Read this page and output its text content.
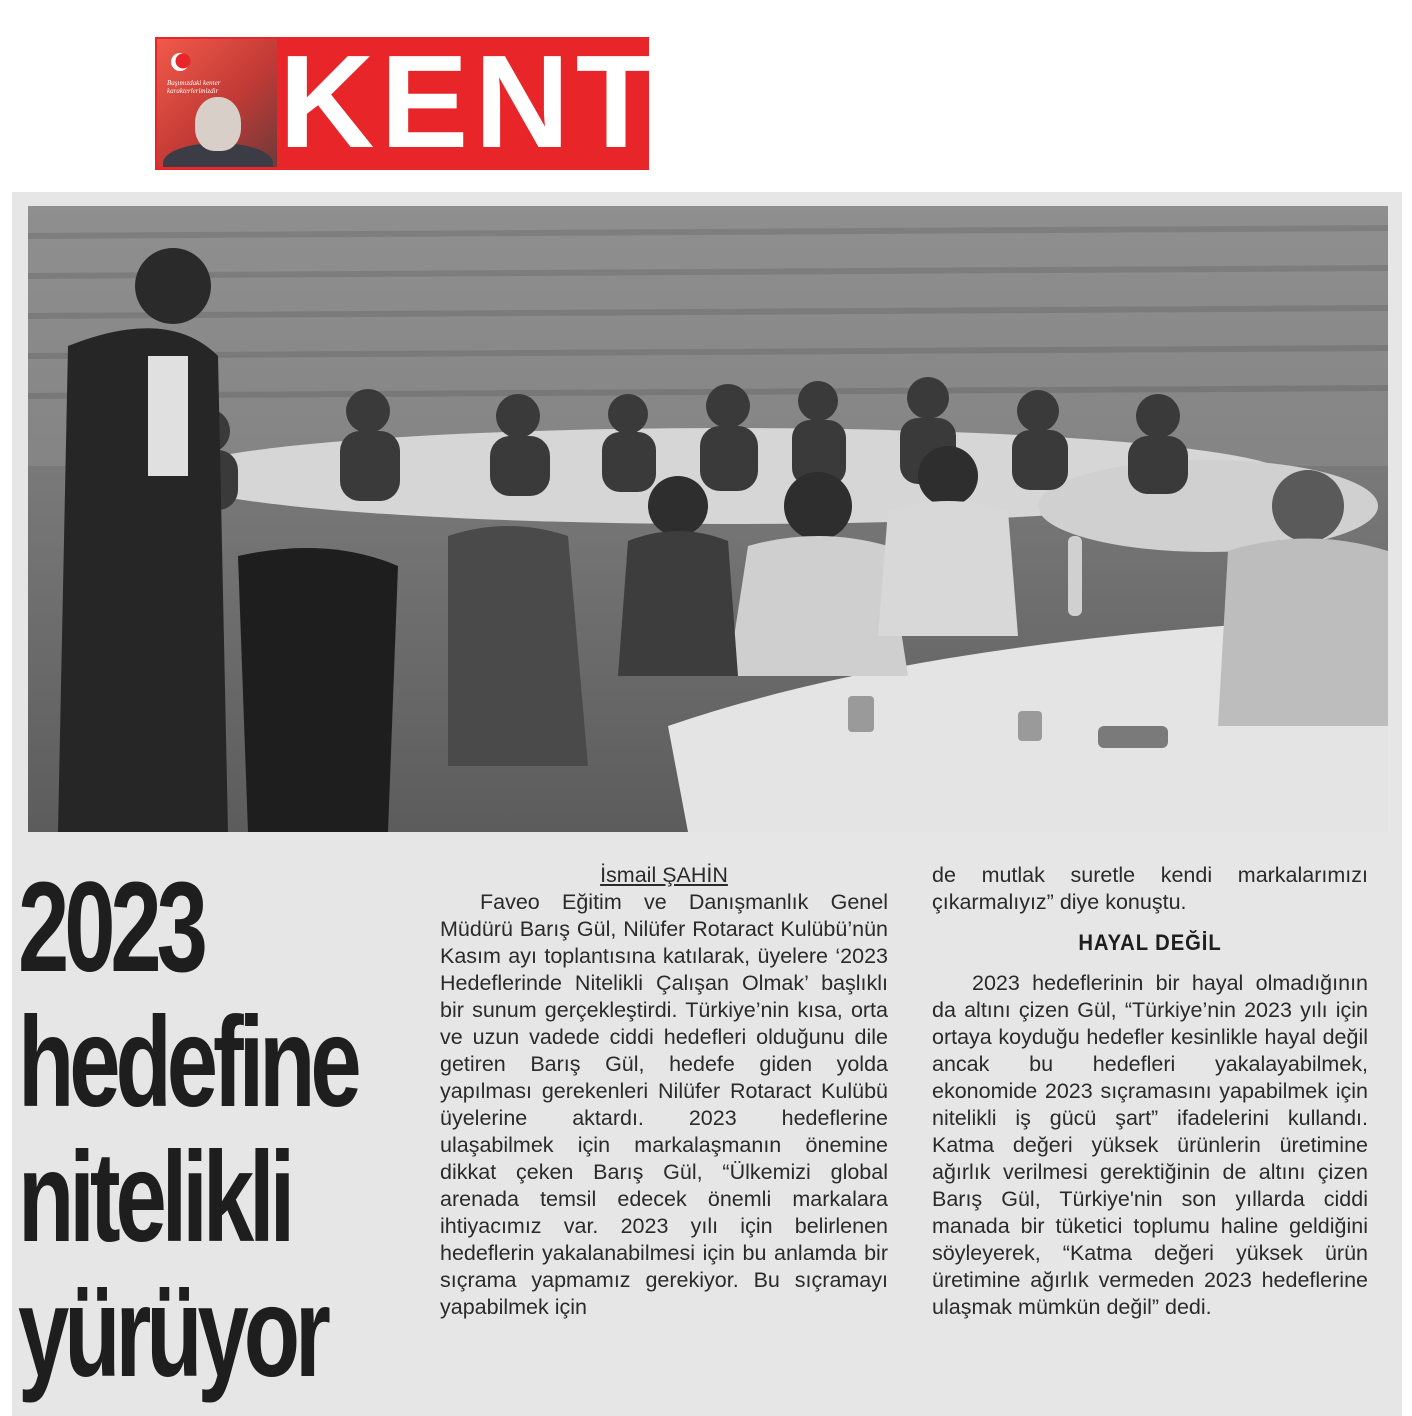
Başımızdaki kenter karakterlerimizdir KENT
2023
hedefine
nitelikli
yürüyor
İsmail ŞAHİN

Faveo Eğitim ve Danışmanlık Genel Müdürü Barış Gül, Nilüfer Rotaract Kulübü’nün Kasım ayı toplantısına katılarak, üyelere ‘2023 Hedeflerinde Nitelikli Çalışan Olmak’ başlıklı bir sunum gerçekleştirdi. Türkiye’nin kısa, orta ve uzun vadede ciddi hedefleri olduğunu dile getiren Barış Gül, hedefe giden yolda yapılması gerekenleri Nilüfer Rotaract Kulübü üyelerine aktardı. 2023 hedeflerine ulaşabilmek için markalaşmanın önemine dikkat çeken Barış Gül, “Ülkemizi global arenada temsil edecek önemli markalara ihtiyacımız var. 2023 yılı için belirlenen hedeflerin yakalanabilmesi için bu anlamda bir sıçrama yapmamız gerekiyor. Bu sıçramayı yapabilmek için

de mutlak suretle kendi markalarımızı çıkarmalıyız” diye konuştu.

HAYAL DEĞİL

2023 hedeflerinin bir hayal olmadığının da altını çizen Gül, “Türkiye’nin 2023 yılı için ortaya koyduğu hedefler kesinlikle hayal değil ancak bu hedefleri yakalayabilmek, ekonomide 2023 sıçramasını yapabilmek için nitelikli iş gücü şart” ifadelerini kullandı. Katma değeri yüksek ürünlerin üretimine ağırlık verilmesi gerektiğinin de altını çizen Barış Gül, Türkiye'nin son yıllarda ciddi manada bir tüketici toplumu haline geldiğini söyleyerek, “Katma değeri yüksek ürün üretimine ağırlık vermeden 2023 hedeflerine ulaşmak mümkün değil” dedi.
